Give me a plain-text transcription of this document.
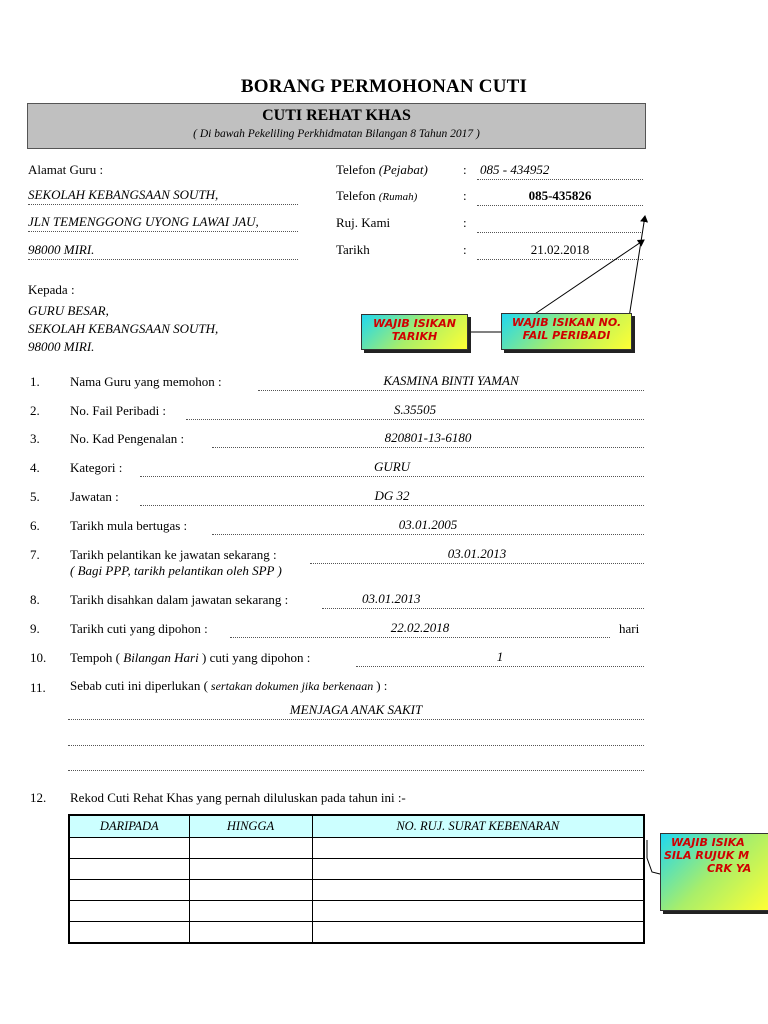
BORANG PERMOHONAN CUTI
CUTI REHAT KHAS
( Di bawah Pekeliling Perkhidmatan Bilangan 8 Tahun 2017 )
Alamat Guru :
SEKOLAH KEBANGSAAN SOUTH,
JLN TEMENGGONG UYONG LAWAI JAU,
98000 MIRI.
Telefon (Pejabat)	: 085 - 434952
Telefon (Rumah)	:	085-435826
Ruj. Kami	:
Tarikh	:	21.02.2018
Kepada :
GURU BESAR,
SEKOLAH KEBANGSAAN SOUTH,
98000 MIRI.
WAJIB ISIKAN
TARIKH
WAJIB ISIKAN NO.
FAIL PERIBADI
WAJIB ISIKA
SILA RUJUK M
CRK YA
1. Nama Guru yang memohon :	KASMINA BINTI YAMAN
2. No. Fail Peribadi :	S.35505
3. No. Kad Pengenalan :	820801-13-6180
4. Kategori :	GURU
5. Jawatan :	DG 32
6. Tarikh mula bertugas :	03.01.2005
7. Tarikh pelantikan ke jawatan sekarang :
( Bagi PPP, tarikh pelantikan oleh SPP )
03.01.2013
8. Tarikh disahkan dalam jawatan sekarang :	03.01.2013
9. Tarikh cuti yang dipohon :	22.02.2018	hari
10. Tempoh ( Bilangan Hari ) cuti yang dipohon :	1
11. Sebab cuti ini diperlukan ( sertakan dokumen jika berkenaan ) :
MENJAGA ANAK SAKIT
12. Rekod Cuti Rehat Khas yang pernah diluluskan pada tahun ini :-
DARIPADA	HINGGA	NO. RUJ. SURAT KEBENARAN
